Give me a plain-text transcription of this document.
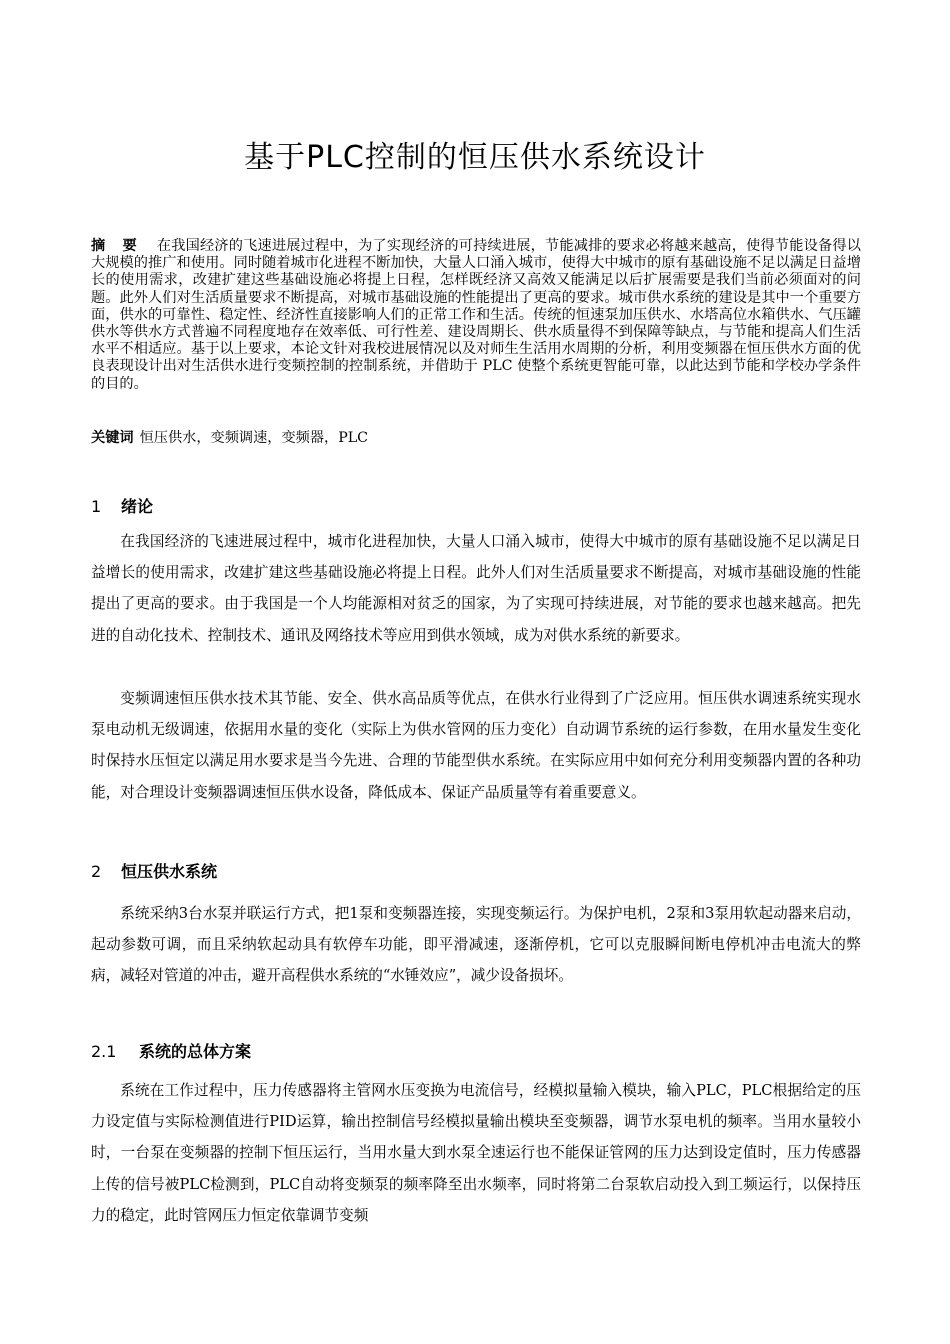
基于PLC控制的恒压供水系统设计

摘 要 在我国经济的飞速进展过程中，为了实现经济的可持续进展，节能减排的要求必将越来越高，使得节能设备得以大规模的推广和使用。同时随着城市化进程不断加快，大量人口涌入城市，使得大中城市的原有基础设施不足以满足日益增长的使用需求，改建扩建这些基础设施必将提上日程，怎样既经济又高效又能满足以后扩展需要是我们当前必须面对的问题。此外人们对生活质量要求不断提高，对城市基础设施的性能提出了更高的要求。城市供水系统的建设是其中一个重要方面，供水的可靠性、稳定性、经济性直接影响人们的正常工作和生活。传统的恒速泵加压供水、水塔高位水箱供水、气压罐供水等供水方式普遍不同程度地存在效率低、可行性差、建设周期长、供水质量得不到保障等缺点，与节能和提高人们生活水平不相适应。基于以上要求，本论文针对我校进展情况以及对师生生活用水周期的分析，利用变频器在恒压供水方面的优良表现设计出对生活供水进行变频控制的控制系统，并借助于 PLC 使整个系统更智能可靠，以此达到节能和学校办学条件的目的。

关键词 恒压供水，变频调速，变频器，PLC

1 绪论

在我国经济的飞速进展过程中，城市化进程加快，大量人口涌入城市，使得大中城市的原有基础设施不足以满足日益增长的使用需求，改建扩建这些基础设施必将提上日程。此外人们对生活质量要求不断提高，对城市基础设施的性能提出了更高的要求。由于我国是一个人均能源相对贫乏的国家，为了实现可持续进展，对节能的要求也越来越高。把先进的自动化技术、控制技术、通讯及网络技术等应用到供水领域，成为对供水系统的新要求。

变频调速恒压供水技术其节能、安全、供水高品质等优点，在供水行业得到了广泛应用。恒压供水调速系统实现水泵电动机无级调速，依据用水量的变化（实际上为供水管网的压力变化）自动调节系统的运行参数，在用水量发生变化时保持水压恒定以满足用水要求是当今先进、合理的节能型供水系统。在实际应用中如何充分利用变频器内置的各种功能，对合理设计变频器调速恒压供水设备，降低成本、保证产品质量等有着重要意义。

2 恒压供水系统

系统采纳3台水泵并联运行方式，把1泵和变频器连接，实现变频运行。为保护电机，2泵和3泵用软起动器来启动，起动参数可调，而且采纳软起动具有软停车功能，即平滑减速，逐渐停机，它可以克服瞬间断电停机冲击电流大的弊病，减轻对管道的冲击，避开高程供水系统的“水锤效应”，减少设备损坏。

2.1 系统的总体方案

系统在工作过程中，压力传感器将主管网水压变换为电流信号，经模拟量输入模块，输入PLC，PLC根据给定的压力设定值与实际检测值进行PID运算，输出控制信号经模拟量输出模块至变频器，调节水泵电机的频率。当用水量较小时，一台泵在变频器的控制下恒压运行，当用水量大到水泵全速运行也不能保证管网的压力达到设定值时，压力传感器上传的信号被PLC检测到，PLC自动将变频泵的频率降至出水频率，同时将第二台泵软启动投入到工频运行，以保持压力的稳定，此时管网压力恒定依靠调节变频
